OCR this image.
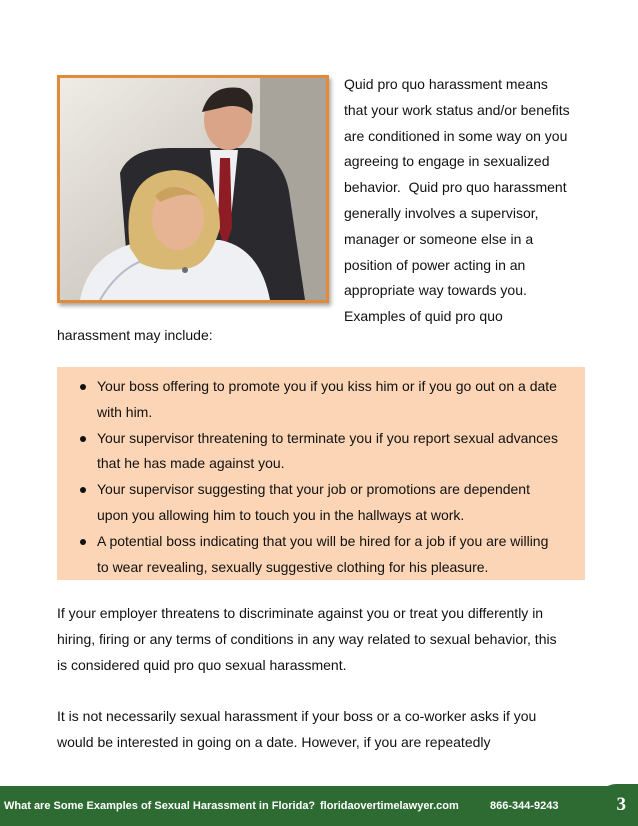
Quid pro quo harassment means
that your work status and/or benefits
are conditioned in some way on you
agreeing to engage in sexualized
behavior.  Quid pro quo harassment
generally involves a supervisor,
manager or someone else in a
position of power acting in an
appropriate way towards you.
Examples of quid pro quo

harassment may include:

Your boss offering to promote you if you kiss him or if you go out on a date
with him.
Your supervisor threatening to terminate you if you report sexual advances
that he has made against you.
Your supervisor suggesting that your job or promotions are dependent
upon you allowing him to touch you in the hallways at work.
A potential boss indicating that you will be hired for a job if you are willing
to wear revealing, sexually suggestive clothing for his pleasure.
If your employer threatens to discriminate against you or treat you differently in
hiring, firing or any terms of conditions in any way related to sexual behavior, this
is considered quid pro quo sexual harassment.
It is not necessarily sexual harassment if your boss or a co-worker asks if you
would be interested in going on a date. However, if you are repeatedly
What are Some Examples of Sexual Harassment in Florida? floridaovertimelawyer.com	866-344-9243	3
